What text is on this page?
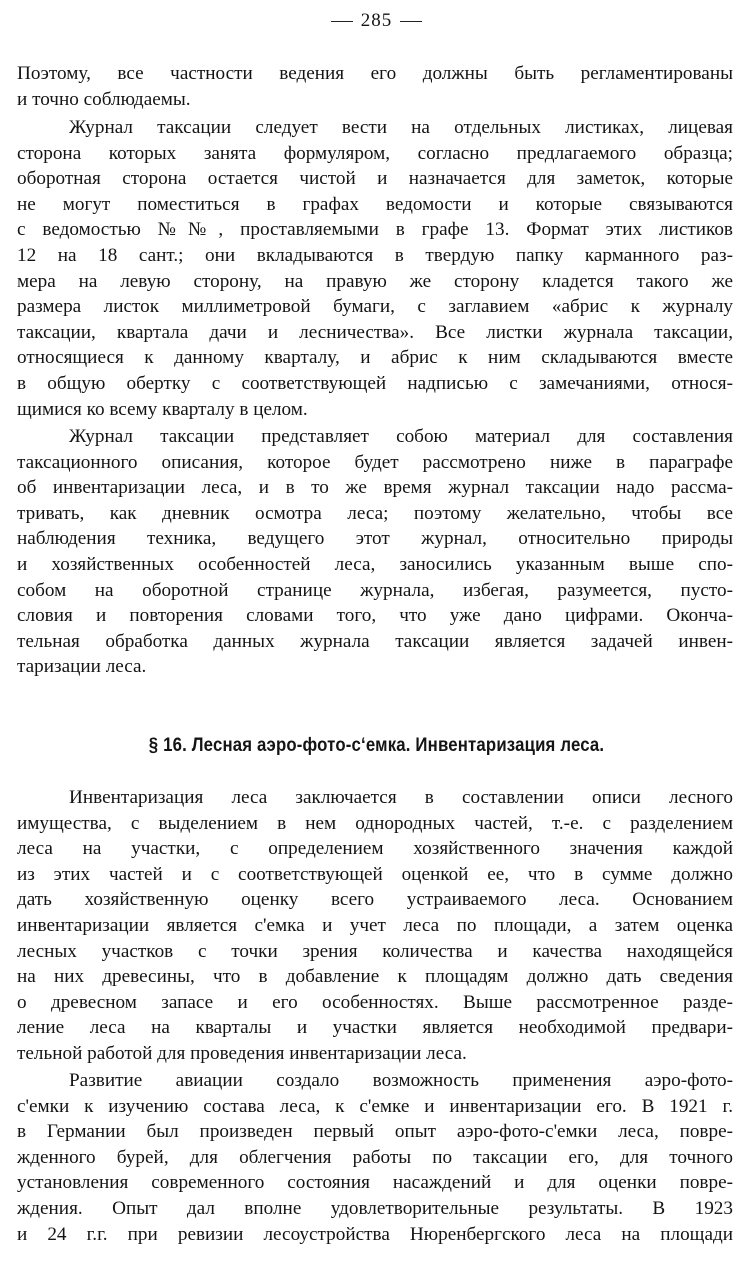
285
Поэтому, все частности ведения его должны быть регламентированы
и точно соблюдаемы.
Журнал таксации следует вести на отдельных листиках, лицевая
сторона которых занята формуляром, согласно предлагаемого образца;
оборотная сторона остается чистой и назначается для заметок, которые
не могут поместиться в графах ведомости и которые связываются
с ведомостью №№, проставляемыми в графе 13. Формат этих листиков
12 на 18 сант.; они вкладываются в твердую папку карманного раз-
мера на левую сторону, на правую же сторону кладется такого же
размера листок миллиметровой бумаги, с заглавием «абрис к журналу
таксации, квартала дачи и лесничества». Все листки журнала таксации,
относящиеся к данному кварталу, и абрис к ним складываются вместе
в общую обертку с соответствующей надписью с замечаниями, относя-
щимися ко всему кварталу в целом.
Журнал таксации представляет собою материал для составления
таксационного описания, которое будет рассмотрено ниже в параграфе
об инвентаризации леса, и в то же время журнал таксации надо рассма-
тривать, как дневник осмотра леса; поэтому желательно, чтобы все
наблюдения техника, ведущего этот журнал, относительно природы
и хозяйственных особенностей леса, заносились указанным выше спо-
собом на оборотной странице журнала, избегая, разумеется, пусто-
словия и повторения словами того, что уже дано цифрами. Оконча-
тельная обработка данных журнала таксации является задачей инвен-
таризации леса.
§ 16. Лесная аэро-фото-с‘емка. Инвентаризация леса.
Инвентаризация леса заключается в составлении описи лесного
имущества, с выделением в нем однородных частей, т.-е. с разделением
леса на участки, с определением хозяйственного значения каждой
из этих частей и с соответствующей оценкой ее, что в сумме должно
дать хозяйственную оценку всего устраиваемого леса. Основанием
инвентаризации является с'емка и учет леса по площади, а затем оценка
лесных участков с точки зрения количества и качества находящейся
на них древесины, что в добавление к площадям должно дать сведения
о древесном запасе и его особенностях. Выше рассмотренное разде-
ление леса на кварталы и участки является необходимой предвари-
тельной работой для проведения инвентаризации леса.
Развитие авиации создало возможность применения аэро-фото-
с'емки к изучению состава леса, к с'емке и инвентаризации его. В 1921 г.
в Германии был произведен первый опыт аэро-фото-с'емки леса, повре-
жденного бурей, для облегчения работы по таксации его, для точного
установления современного состояния насаждений и для оценки повре-
ждения. Опыт дал вполне удовлетворительные результаты. В 1923
и 24 г.г. при ревизии лесоустройства Нюренбергского леса на площади
